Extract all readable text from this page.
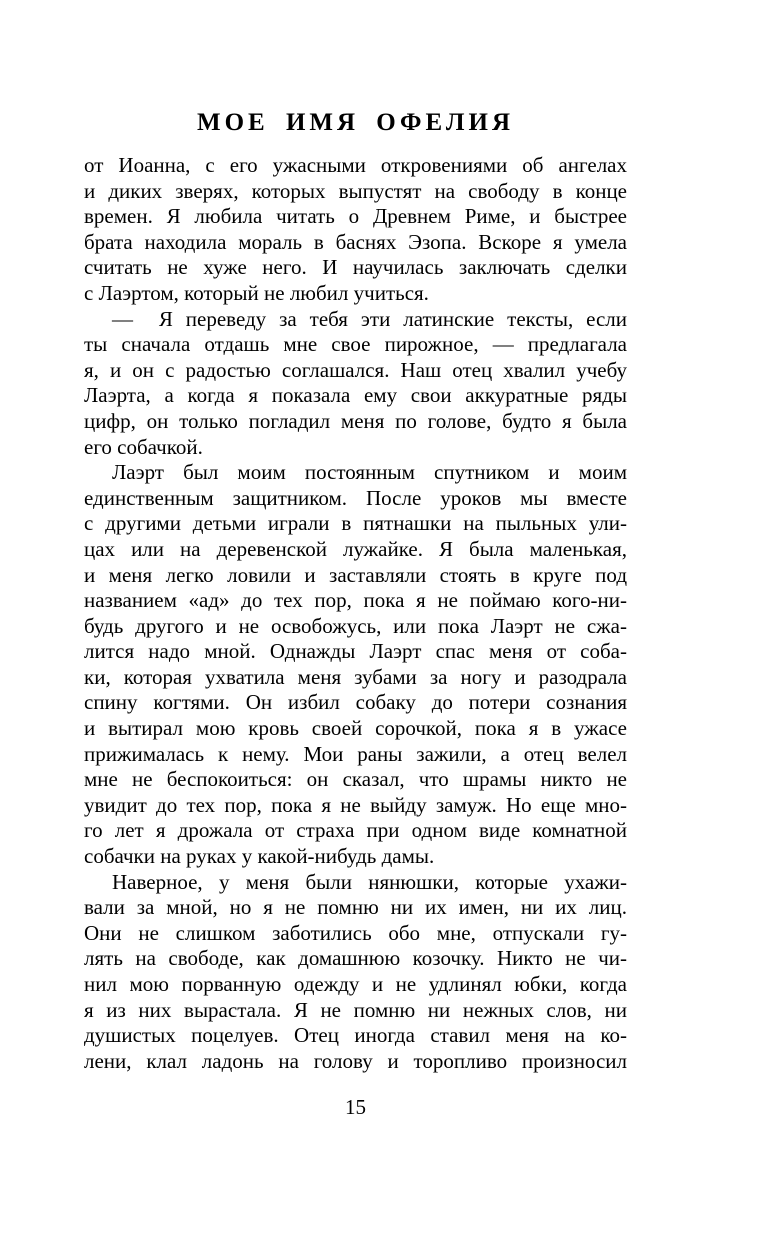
МОЕ ИМЯ ОФЕЛИЯ
от Иоанна, с его ужасными откровениями об ангелах
и диких зверях, которых выпустят на свободу в конце
времен. Я любила читать о Древнем Риме, и быстрее
брата находила мораль в баснях Эзопа. Вскоре я умела
считать не хуже него. И научилась заключать сделки
с Лаэртом, который не любил учиться.
—  Я переведу за тебя эти латинские тексты, если
ты сначала отдашь мне свое пирожное, — предлагала
я, и он с радостью соглашался. Наш отец хвалил учебу
Лаэрта, а когда я показала ему свои аккуратные ряды
цифр, он только погладил меня по голове, будто я была
его собачкой.
Лаэрт был моим постоянным спутником и моим
единственным защитником. После уроков мы вместе
с другими детьми играли в пятнашки на пыльных ули-
цах или на деревенской лужайке. Я была маленькая,
и меня легко ловили и заставляли стоять в круге под
названием «ад» до тех пор, пока я не поймаю кого-ни-
будь другого и не освобожусь, или пока Лаэрт не сжа-
лится надо мной. Однажды Лаэрт спас меня от соба-
ки, которая ухватила меня зубами за ногу и разодрала
спину когтями. Он избил собаку до потери сознания
и вытирал мою кровь своей сорочкой, пока я в ужасе
прижималась к нему. Мои раны зажили, а отец велел
мне не беспокоиться: он сказал, что шрамы никто не
увидит до тех пор, пока я не выйду замуж. Но еще мно-
го лет я дрожала от страха при одном виде комнатной
собачки на руках у какой-нибудь дамы.
Наверное, у меня были нянюшки, которые ухажи-
вали за мной, но я не помню ни их имен, ни их лиц.
Они не слишком заботились обо мне, отпускали гу-
лять на свободе, как домашнюю козочку. Никто не чи-
нил мою порванную одежду и не удлинял юбки, когда
я из них вырастала. Я не помню ни нежных слов, ни
душистых поцелуев. Отец иногда ставил меня на ко-
лени, клал ладонь на голову и торопливо произносил
15
